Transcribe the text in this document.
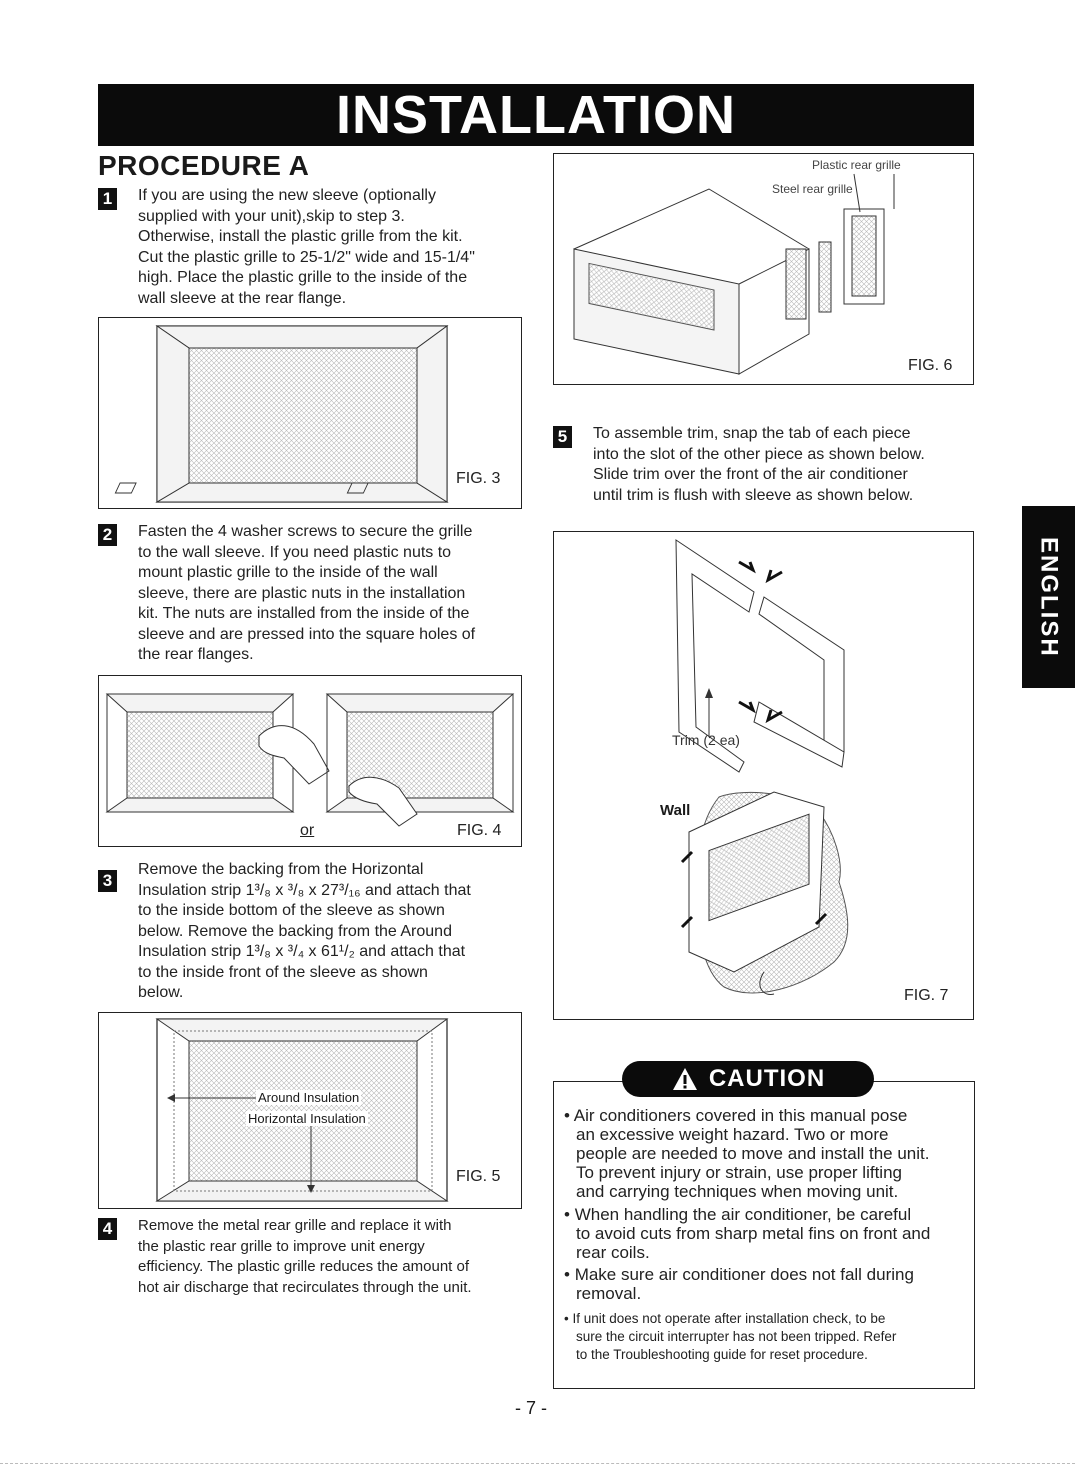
INSTALLATION
PROCEDURE A
1 If you are using the new sleeve (optionally
supplied with your unit),skip to step 3.
Otherwise, install the plastic grille from the kit.
Cut the plastic grille to 25-1/2" wide and 15-1/4"
high. Place the plastic grille to the inside of the
wall sleeve at the rear flange.
FIG. 3
2 Fasten the 4 washer screws to secure the grille
to the wall sleeve. If you need plastic nuts to
mount plastic grille to the inside of the wall
sleeve, there are plastic nuts in the installation
kit. The nuts are installed from the inside of the
sleeve and are pressed into the square holes of
the rear flanges.
or	FIG. 4
3
Remove the backing from the Horizontal
Insulation strip 1³/₈ x ³/₈ x 27³/₁₆ and attach that
to the inside bottom of the sleeve as shown
below. Remove the backing from the Around
Insulation strip 1³/₈ x ³/₄ x 61¹/₂ and attach that
to the inside front of the sleeve as shown
below.
Around Insulation
Horizontal Insulation
FIG. 5
4	Remove the metal rear grille and replace it with
the plastic rear grille to improve unit energy
efficiency. The plastic grille reduces the amount of
hot air discharge that recirculates through the unit.
Plastic rear grille
Steel rear grille
FIG. 6
5 To assemble trim, snap the tab of each piece
into the slot of the other piece as shown below.
Slide trim over the front of the air conditioner
until trim is flush with sleeve as shown below.
Trim (2 ea)
Wall
FIG. 7
• Air conditioners covered in this manual pose
an excessive weight hazard. Two or more
people are needed to move and install the unit.
To prevent injury or strain, use proper lifting
and carrying techniques when moving unit.
• When handling the air conditioner, be careful
to avoid cuts from sharp metal fins on front and
rear coils.
• Make sure air conditioner does not fall during
removal.
• If unit does not operate after installation check, to be
sure the circuit interrupter has not been tripped. Refer
to the Troubleshooting guide for reset procedure.
CAUTION
ENGLISH
- 7 -
